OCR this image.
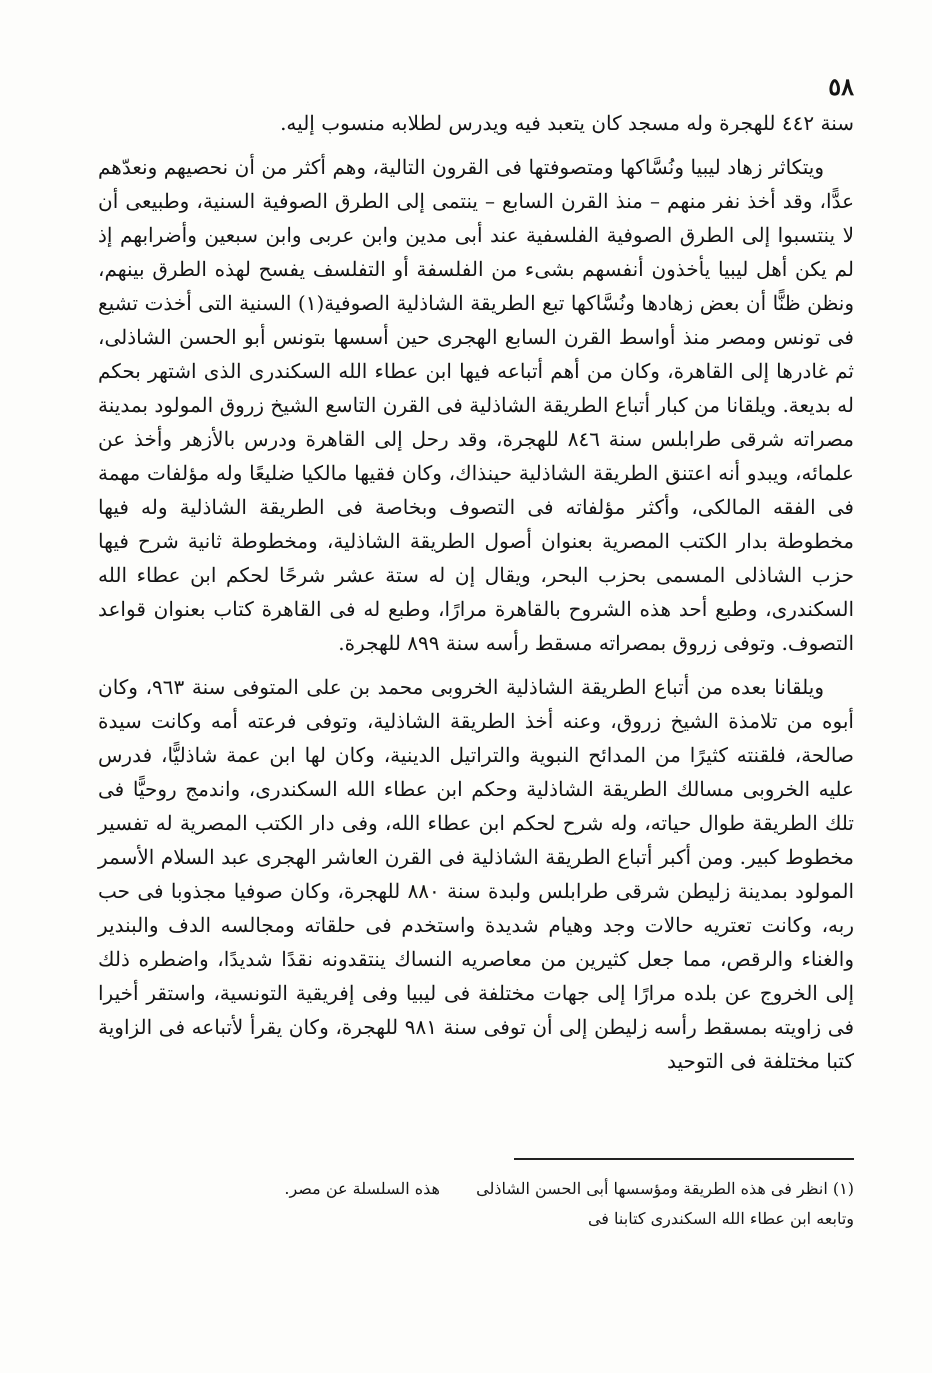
٥٨

سنة ٤٤٢ للهجرة وله مسجد كان يتعبد فيه ويدرس لطلابه منسوب إليه.

ويتكاثر زهاد ليبيا ونُسَّاكها ومتصوفتها فى القرون التالية، وهم أكثر من أن نحصيهم ونعدّهم عدًّا، وقد أخذ نفر منهم – منذ القرن السابع – ينتمى إلى الطرق الصوفية السنية، وطبيعى أن لا ينتسبوا إلى الطرق الصوفية الفلسفية عند أبى مدين وابن عربى وابن سبعين وأضرابهم إذ لم يكن أهل ليبيا يأخذون أنفسهم بشىء من الفلسفة أو التفلسف يفسح لهذه الطرق بينهم، ونظن ظنًّا أن بعض زهادها ونُسَّاكها تبع الطريقة الشاذلية الصوفية(١) السنية التى أخذت تشيع فى تونس ومصر منذ أواسط القرن السابع الهجرى حين أسسها بتونس أبو الحسن الشاذلى، ثم غادرها إلى القاهرة، وكان من أهم أتباعه فيها ابن عطاء الله السكندرى الذى اشتهر بحكم له بديعة. ويلقانا من كبار أتباع الطريقة الشاذلية فى القرن التاسع الشيخ زروق المولود بمدينة مصراته شرقى طرابلس سنة ٨٤٦ للهجرة، وقد رحل إلى القاهرة ودرس بالأزهر وأخذ عن علمائه، ويبدو أنه اعتنق الطريقة الشاذلية حينذاك، وكان فقيها مالكيا ضليعًا وله مؤلفات مهمة فى الفقه المالكى، وأكثر مؤلفاته فى التصوف وبخاصة فى الطريقة الشاذلية وله فيها مخطوطة بدار الكتب المصرية بعنوان أصول الطريقة الشاذلية، ومخطوطة ثانية شرح فيها حزب الشاذلى المسمى بحزب البحر، ويقال إن له ستة عشر شرحًا لحكم ابن عطاء الله السكندرى، وطبع أحد هذه الشروح بالقاهرة مرارًا، وطبع له فى القاهرة كتاب بعنوان قواعد التصوف. وتوفى زروق بمصراته مسقط رأسه سنة ٨٩٩ للهجرة.

ويلقانا بعده من أتباع الطريقة الشاذلية الخروبى محمد بن على المتوفى سنة ٩٦٣، وكان أبوه من تلامذة الشيخ زروق، وعنه أخذ الطريقة الشاذلية، وتوفى فرعته أمه وكانت سيدة صالحة، فلقنته كثيرًا من المدائح النبوية والتراتيل الدينية، وكان لها ابن عمة شاذليًّا، فدرس عليه الخروبى مسالك الطريقة الشاذلية وحكم ابن عطاء الله السكندرى، واندمج روحيًّا فى تلك الطريقة طوال حياته، وله شرح لحكم ابن عطاء الله، وفى دار الكتب المصرية له تفسير مخطوط كبير. ومن أكبر أتباع الطريقة الشاذلية فى القرن العاشر الهجرى عبد السلام الأسمر المولود بمدينة زليطن شرقى طرابلس ولبدة سنة ٨٨٠ للهجرة، وكان صوفيا مجذوبا فى حب ربه، وكانت تعتريه حالات وجد وهيام شديدة واستخدم فى حلقاته ومجالسه الدف والبندير والغناء والرقص، مما جعل كثيرين من معاصريه النساك ينتقدونه نقدًا شديدًا، واضطره ذلك إلى الخروج عن بلده مرارًا إلى جهات مختلفة فى ليبيا وفى إفريقية التونسية، واستقر أخيرا فى زاويته بمسقط رأسه زليطن إلى أن توفى سنة ٩٨١ للهجرة، وكان يقرأ لأتباعه فى الزاوية كتبا مختلفة فى التوحيد

(١) انظر فى هذه الطريقة ومؤسسها أبى الحسن الشاذلى وتابعه ابن عطاء الله السكندرى كتابنا فى
هذه السلسلة عن مصر.
